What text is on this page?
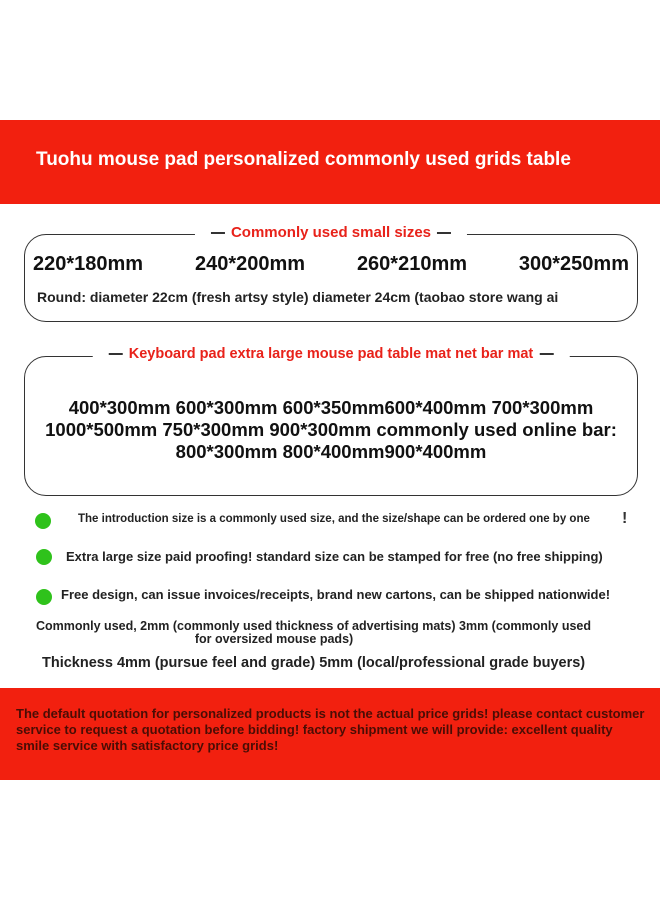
Tuohu mouse pad personalized commonly used grids table
Commonly used small sizes
220*180mm	240*200mm	260*210mm	300*250mm
Round: diameter 22cm (fresh artsy style) diameter 24cm (taobao store wang ai
Keyboard pad extra large mouse pad table mat net bar mat
400*300mm 600*300mm 600*350mm600*400mm 700*300mm 1000*500mm 750*300mm 900*300mm commonly used online bar: 800*300mm 800*400mm900*400mm
The introduction size is a commonly used size, and the size/shape can be ordered one by one !
Extra large size paid proofing! standard size can be stamped for free (no free shipping)
Free design, can issue invoices/receipts, brand new cartons, can be shipped nationwide!
Commonly used, 2mm (commonly used thickness of advertising mats) 3mm (commonly used
for oversized mouse pads)
Thickness 4mm (pursue feel and grade) 5mm (local/professional grade buyers)
The default quotation for personalized products is not the actual price grids! please contact customer service to request a quotation before bidding! factory shipment we will provide: excellent quality smile service with satisfactory price grids!
